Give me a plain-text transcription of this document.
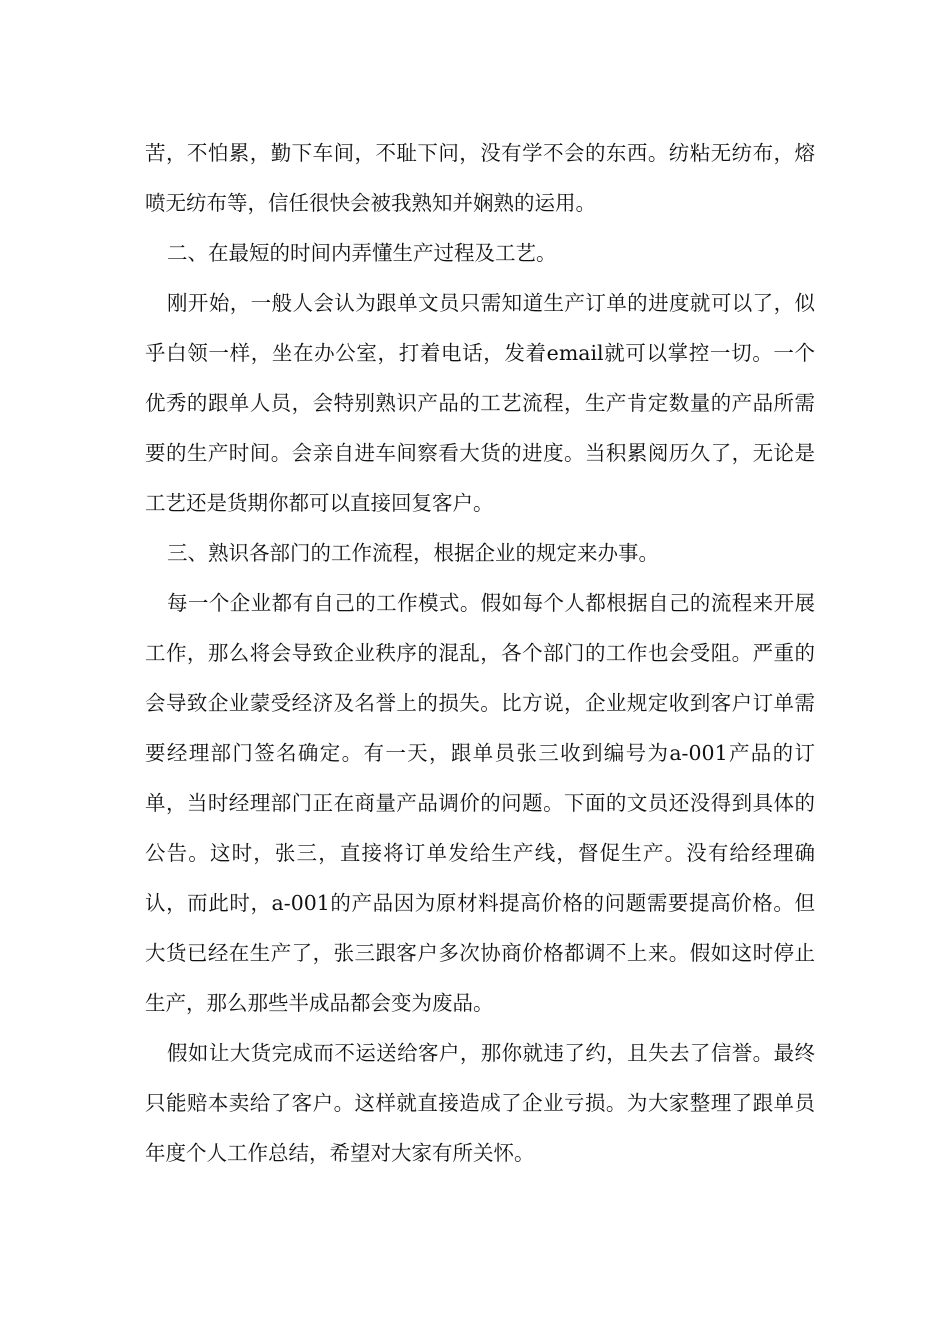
苦，不怕累，勤下车间，不耻下问，没有学不会的东西。纺粘无纺布，熔喷无纺布等，信任很快会被我熟知并娴熟的运用。

二、在最短的时间内弄懂生产过程及工艺。

刚开始，一般人会认为跟单文员只需知道生产订单的进度就可以了，似乎白领一样，坐在办公室，打着电话，发着email就可以掌控一切。一个优秀的跟单人员，会特别熟识产品的工艺流程，生产肯定数量的产品所需要的生产时间。会亲自进车间察看大货的进度。当积累阅历久了，无论是工艺还是货期你都可以直接回复客户。

三、熟识各部门的工作流程，根据企业的规定来办事。

每一个企业都有自己的工作模式。假如每个人都根据自己的流程来开展工作，那么将会导致企业秩序的混乱，各个部门的工作也会受阻。严重的会导致企业蒙受经济及名誉上的损失。比方说，企业规定收到客户订单需要经理部门签名确定。有一天，跟单员张三收到编号为a-001产品的订单，当时经理部门正在商量产品调价的问题。下面的文员还没得到具体的公告。这时，张三，直接将订单发给生产线，督促生产。没有给经理确认，而此时，a-001的产品因为原材料提高价格的问题需要提高价格。但大货已经在生产了，张三跟客户多次协商价格都调不上来。假如这时停止生产，那么那些半成品都会变为废品。

假如让大货完成而不运送给客户，那你就违了约，且失去了信誉。最终只能赔本卖给了客户。这样就直接造成了企业亏损。为大家整理了跟单员年度个人工作总结，希望对大家有所关怀。
